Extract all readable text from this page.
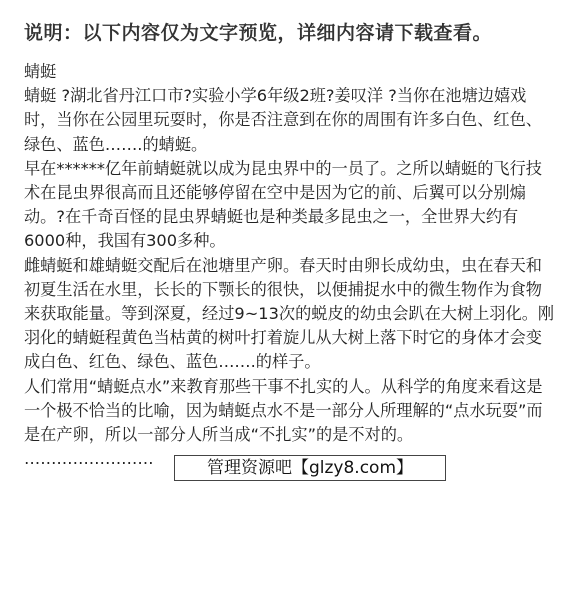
说明：以下内容仅为文字预览，详细内容请下载查看。

蜻蜓

蜻蜓 ?湖北省丹江口市?实验小学6年级2班?姜叹洋 ?当你在池塘边嬉戏时，当你在公园里玩耍时，你是否注意到在你的周围有许多白色、红色、绿色、蓝色…….的蜻蜓。

早在******亿年前蜻蜓就以成为昆虫界中的一员了。之所以蜻蜓的飞行技术在昆虫界很高而且还能够停留在空中是因为它的前、后翼可以分别煽动。?在千奇百怪的昆虫界蜻蜓也是种类最多昆虫之一，全世界大约有6000种，我国有300多种。

雌蜻蜓和雄蜻蜓交配后在池塘里产卵。春天时由卵长成幼虫，虫在春天和初夏生活在水里，长长的下颚长的很快，以便捕捉水中的微生物作为食物来获取能量。等到深夏，经过9~13次的蜕皮的幼虫会趴在大树上羽化。刚羽化的蜻蜓程黄色当枯黄的树叶打着旋儿从大树上落下时它的身体才会变成白色、红色、绿色、蓝色…….的样子。

人们常用“蜻蜓点水”来教育那些干事不扎实的人。从科学的角度来看这是一个极不恰当的比喻，因为蜻蜓点水不是一部分人所理解的“点水玩耍”而是在产卵，所以一部分人所当成“不扎实”的是不对的。

……………………	管理资源吧【glzy8.com】
